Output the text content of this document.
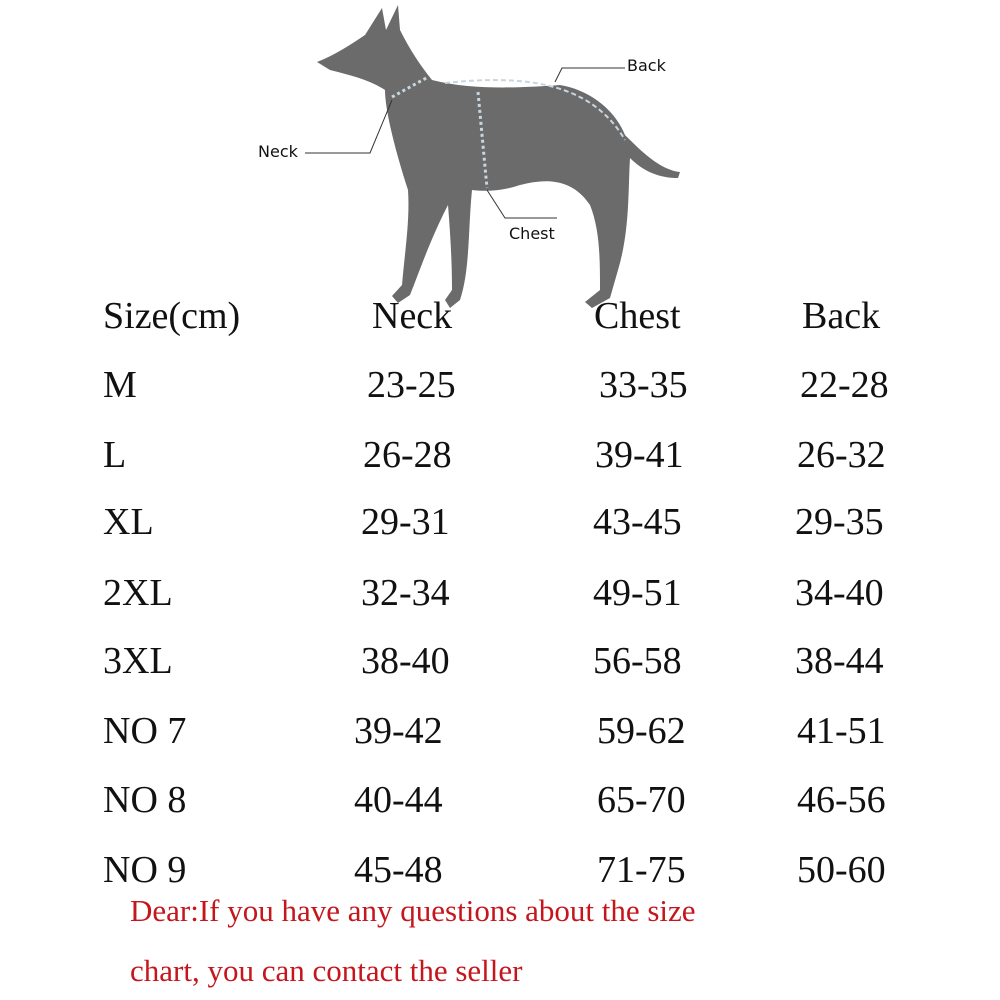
Neck
Chest
Back
Size(cm)	Neck	Chest	Back
M	23-25	33-35	22-28
L	26-28	39-41	26-32
XL	29-31	43-45	29-35
2XL	32-34	49-51	34-40
3XL	38-40	56-58	38-44
NO 7	39-42	59-62	41-51
NO 8	40-44	65-70	46-56
NO 9	45-48	71-75	50-60
Dear:If you have any questions about the size
chart, you can contact the seller
